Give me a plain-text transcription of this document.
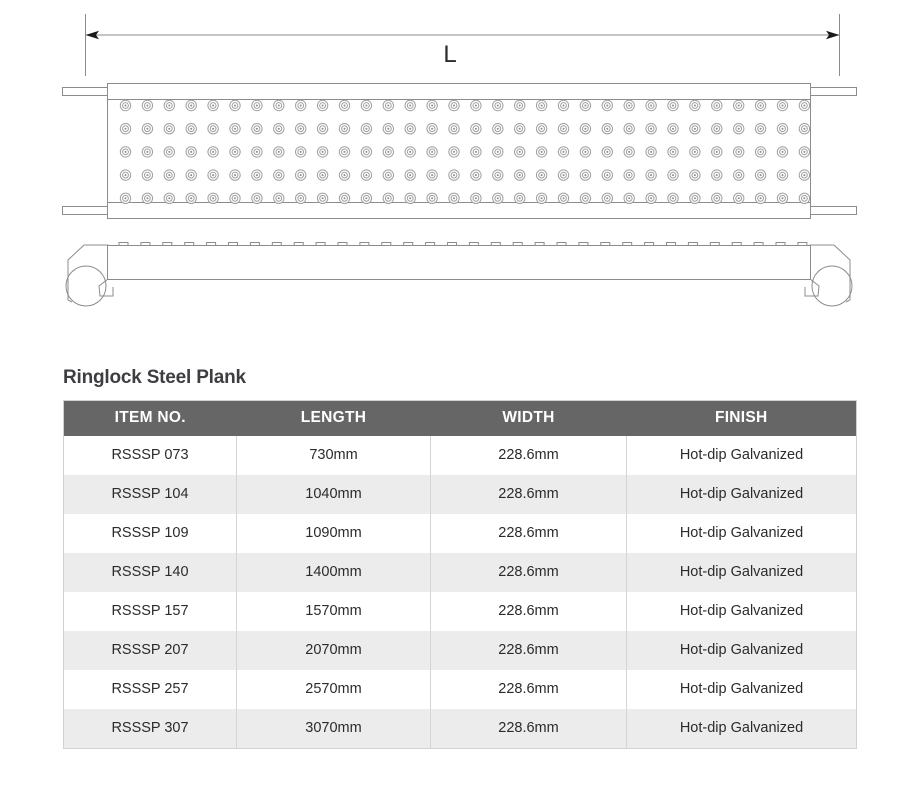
L
Ringlock Steel Plank
ITEM NO.	LENGTH	WIDTH	FINISH
RSSSP 073	730mm	228.6mm	Hot-dip Galvanized
RSSSP 104	1040mm	228.6mm	Hot-dip Galvanized
RSSSP 109	1090mm	228.6mm	Hot-dip Galvanized
RSSSP 140	1400mm	228.6mm	Hot-dip Galvanized
RSSSP 157	1570mm	228.6mm	Hot-dip Galvanized
RSSSP 207	2070mm	228.6mm	Hot-dip Galvanized
RSSSP 257	2570mm	228.6mm	Hot-dip Galvanized
RSSSP 307	3070mm	228.6mm	Hot-dip Galvanized
